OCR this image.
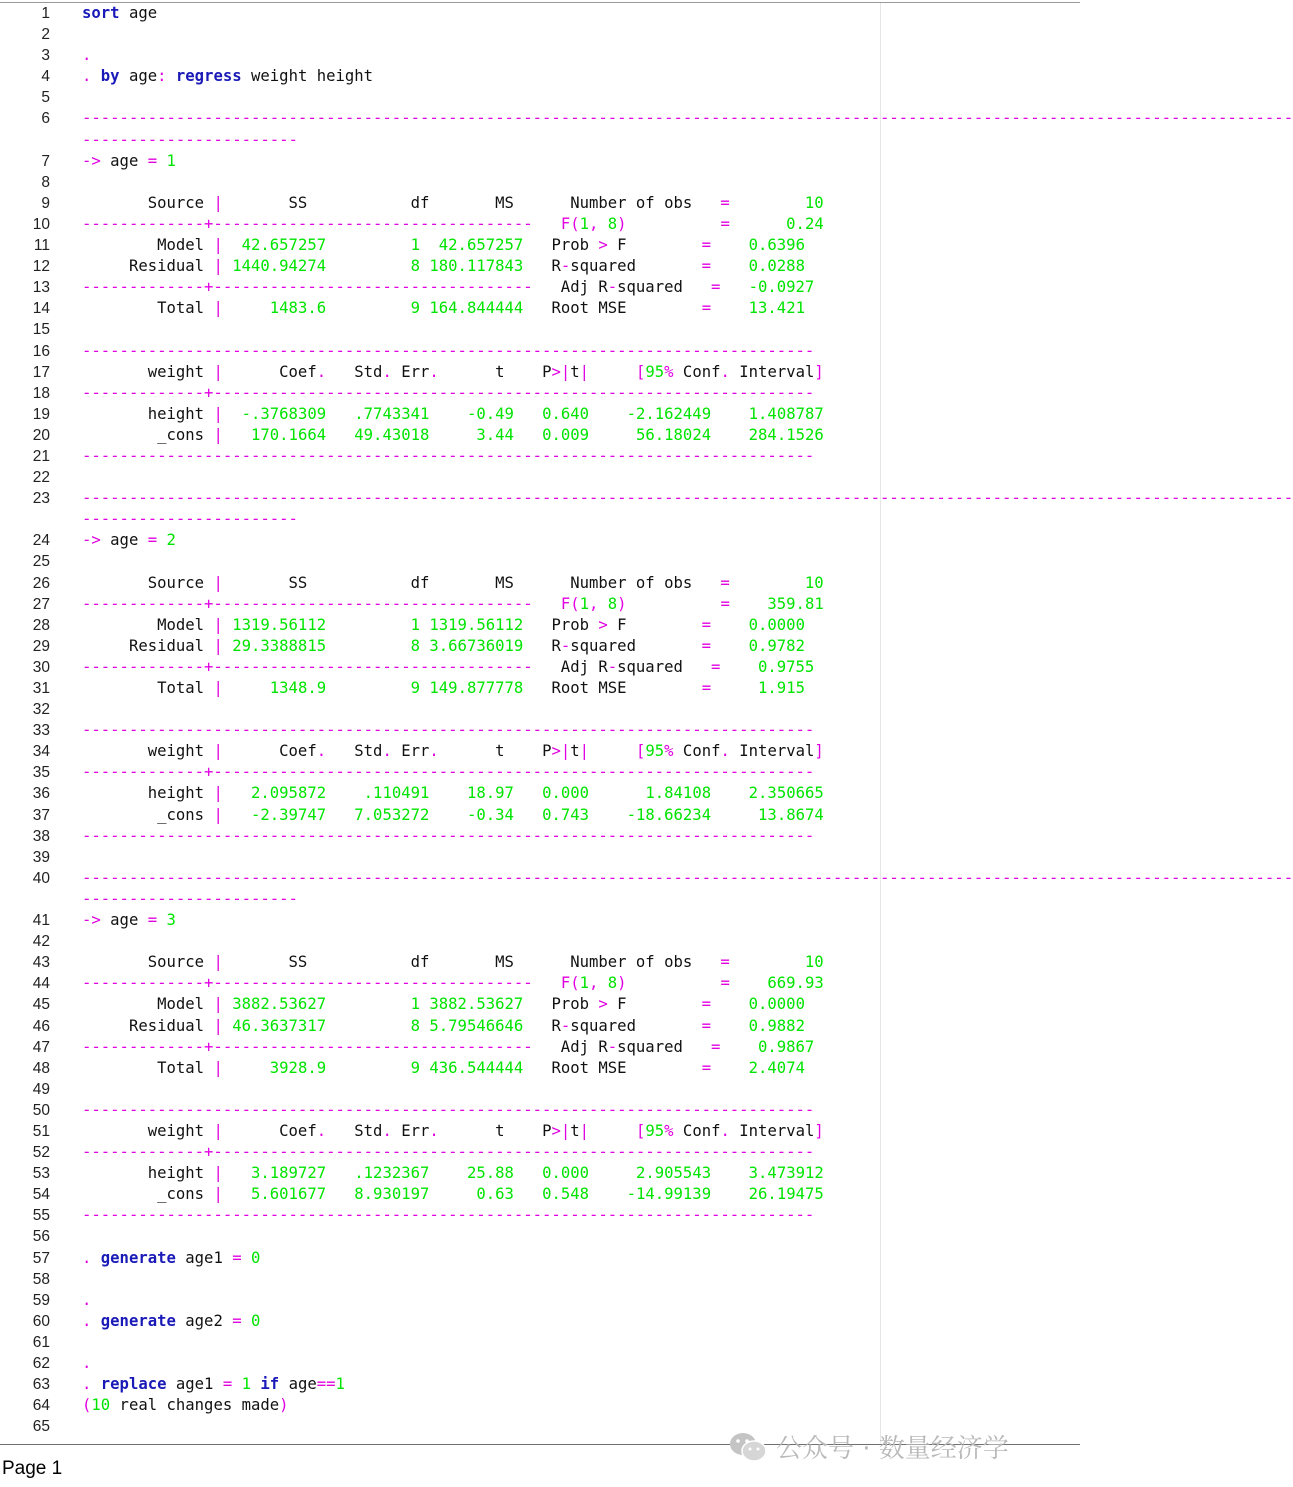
1 sort age
2
3 .
4 . by age: regress weight height
5
6 ---------------------------------------------------------------------------------------------------------------------------------
-----------------------
7 -> age = 1
8
9 Source |       SS           df       MS      Number of obs   =	10
10 -------------+---------------------------------- F(1, 8)	=	0.24
11 Model | 42.657257	1 42.657257   Prob > F        = 0.6396
12 Residual | 1440.94274	8 180.117843   R-squared       = 0.0288
13 -------------+----------------------------------   Adj R-squared   = -0.0927
14 Total |	1483.6	9 164.844444   Root MSE        = 13.421
15
16 ------------------------------------------------------------------------------
17 weight |      Coef.   Std. Err.      t    P>|t|	[95% Conf. Interval]
18 -------------+----------------------------------------------------------------
19 height | -.3768309 .7743341 -0.49 0.640 -2.162449 1.408787
20 _cons | 170.1664 49.43018	3.44 0.009	56.18024 284.1526
21 ------------------------------------------------------------------------------
22
23 ---------------------------------------------------------------------------------------------------------------------------------
-----------------------
24 -> age = 2
25
26 Source |       SS           df       MS      Number of obs   =	10
27 -------------+---------------------------------- F(1, 8)	= 359.81
28 Model | 1319.56112	1 1319.56112   Prob > F        = 0.0000
29 Residual | 29.3388815	8 3.66736019   R-squared       = 0.9782
30 -------------+----------------------------------   Adj R-squared   = 0.9755
31 Total |	1348.9	9 149.877778   Root MSE        =	1.915
32
33 ------------------------------------------------------------------------------
34 weight |      Coef.   Std. Err.      t    P>|t|	[95% Conf. Interval]
35 -------------+----------------------------------------------------------------
36 height | 2.095872 .110491 18.97 0.000	1.84108 2.350665
37 _cons | -2.39747 7.053272 -0.34 0.743 -18.66234	13.8674
38 ------------------------------------------------------------------------------
39
40 ---------------------------------------------------------------------------------------------------------------------------------
-----------------------
41 -> age = 3
42
43 Source |       SS           df       MS      Number of obs   =	10
44 -------------+---------------------------------- F(1, 8)	= 669.93
45 Model | 3882.53627	1 3882.53627   Prob > F        = 0.0000
46 Residual | 46.3637317	8 5.79546646   R-squared       = 0.9882
47 -------------+----------------------------------   Adj R-squared   = 0.9867
48 Total |	3928.9	9 436.544444   Root MSE        = 2.4074
49
50 ------------------------------------------------------------------------------
51 weight |      Coef.   Std. Err.      t    P>|t|	[95% Conf. Interval]
52 -------------+----------------------------------------------------------------
53 height | 3.189727 .1232367 25.88 0.000	2.905543 3.473912
54 _cons | 5.601677 8.930197	0.63 0.548 -14.99139 26.19475
55 ------------------------------------------------------------------------------
56
57 . generate age1 = 0
58
59 .
60 . generate age2 = 0
61
62 .
63 . replace age1 = 1 if age==1
64 (10 real changes made)
65
Page 1
公众号 · 数量经济学
